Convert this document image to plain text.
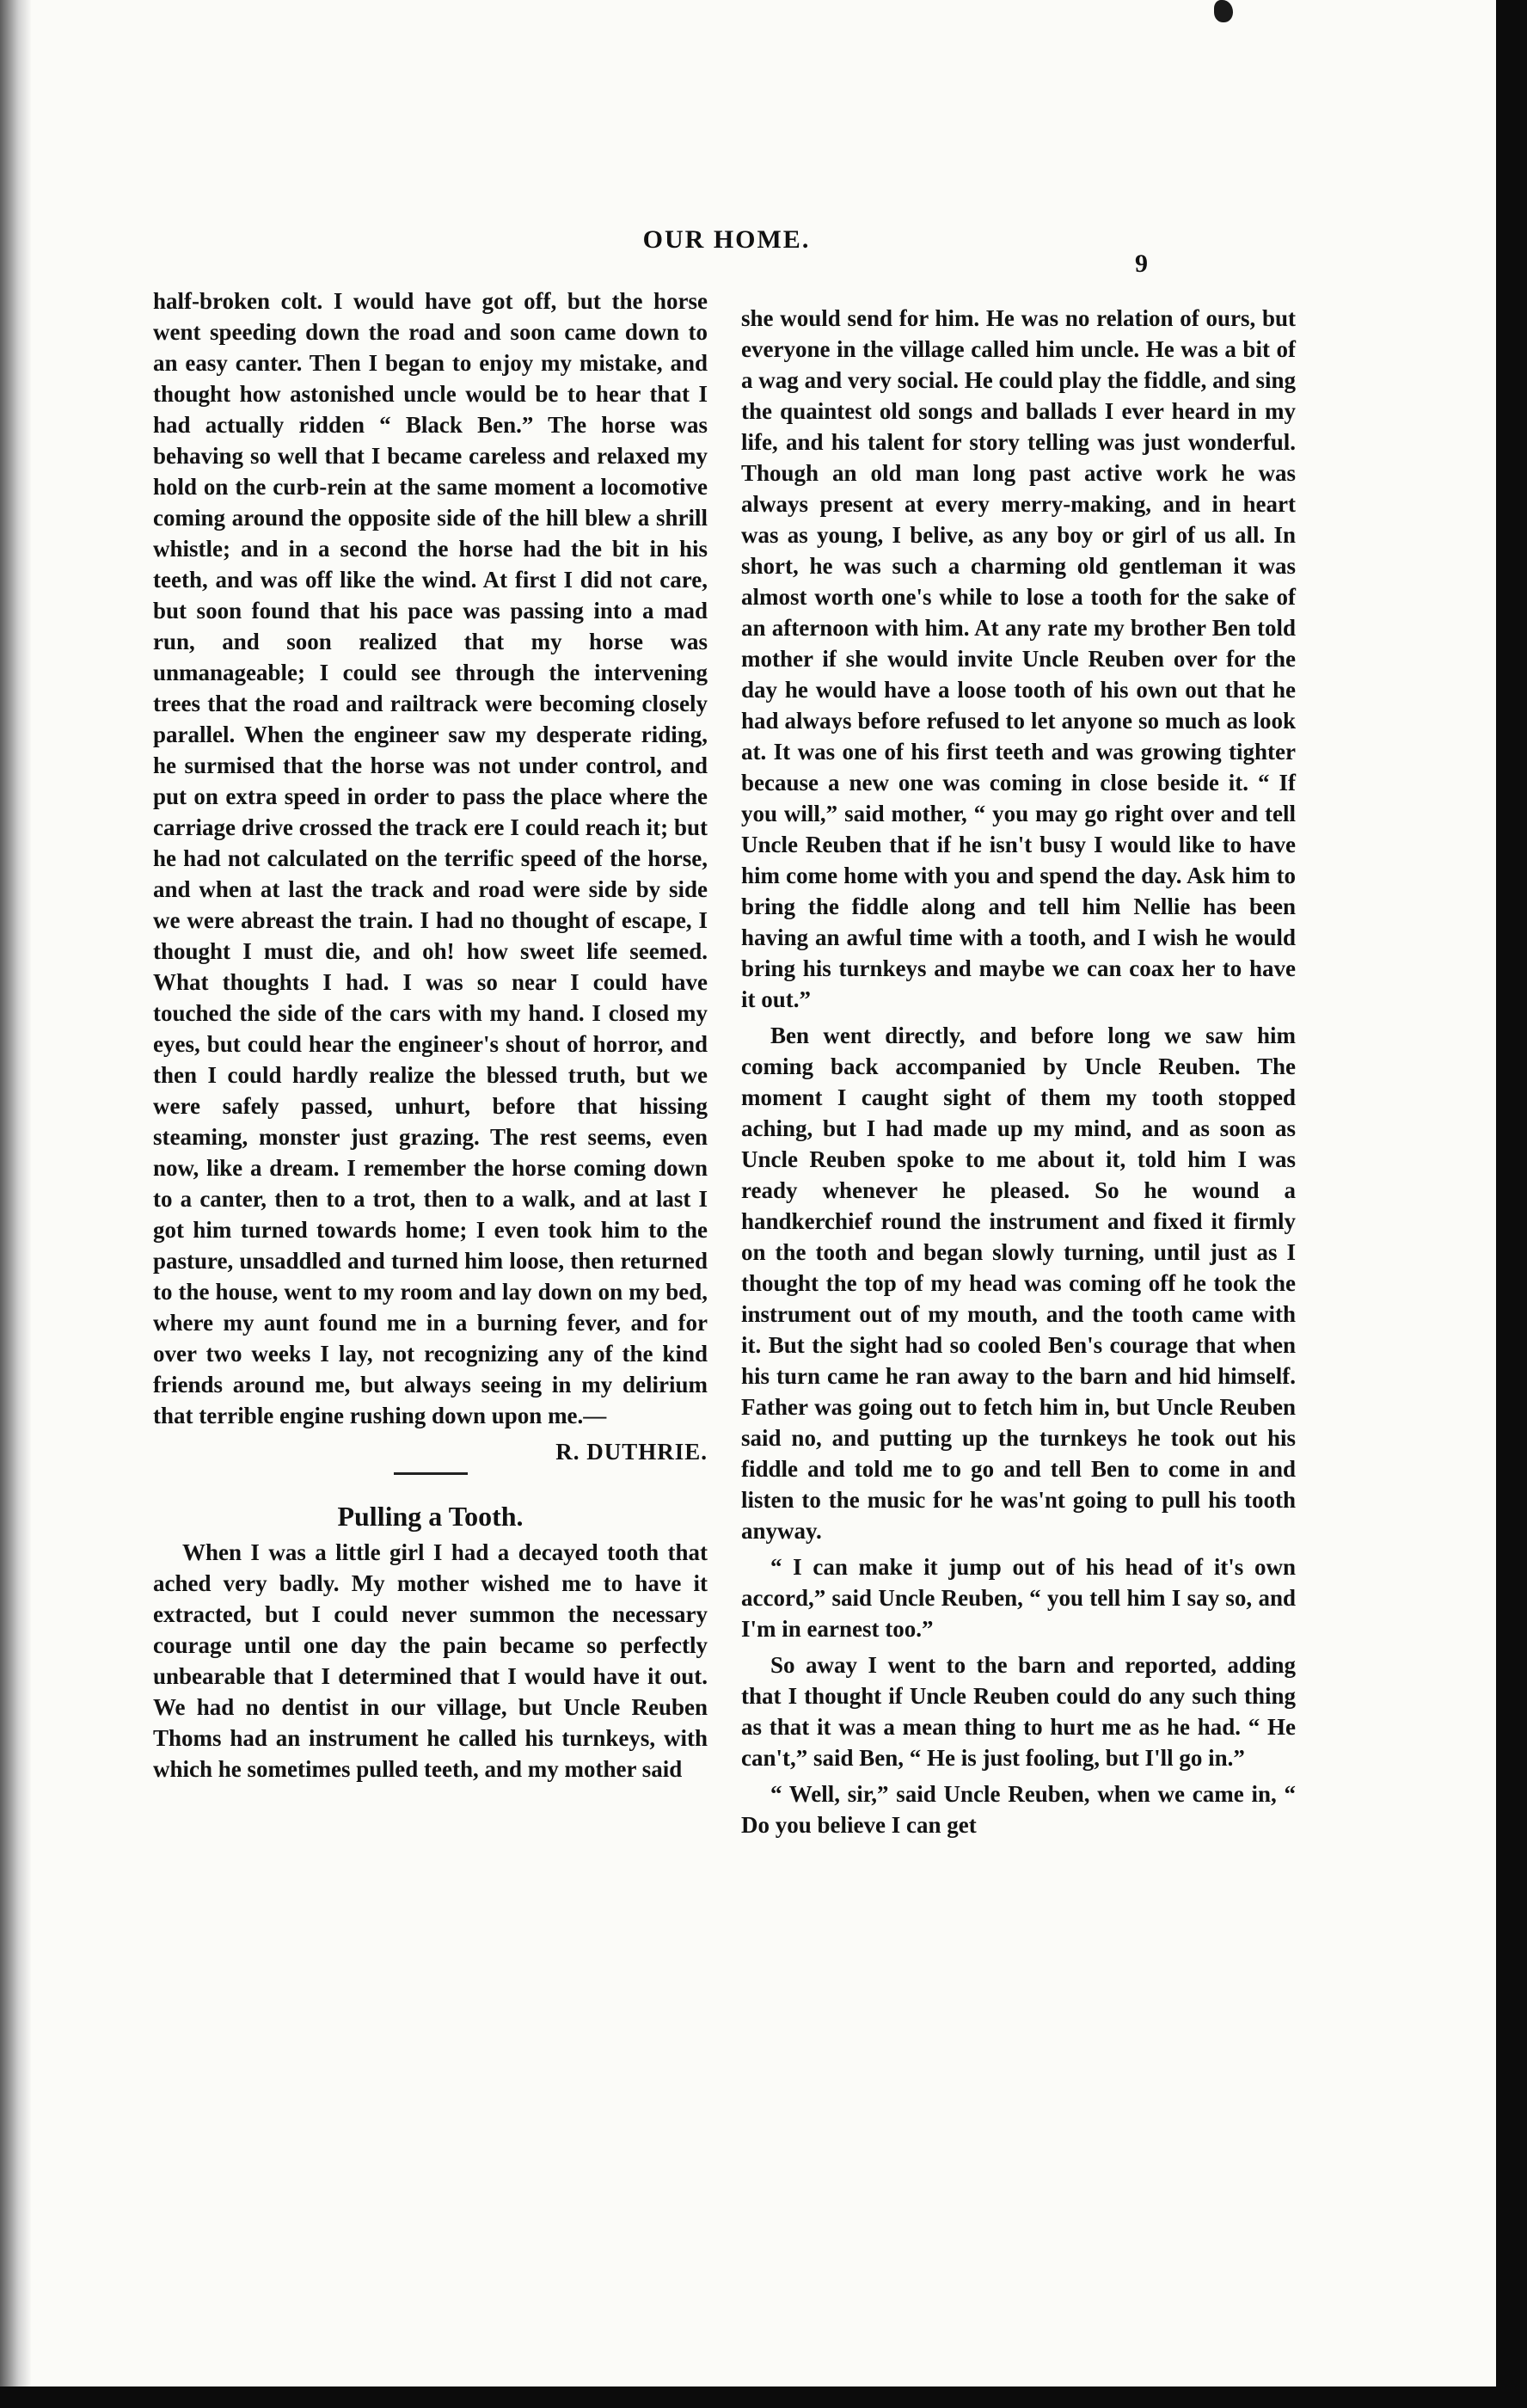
OUR HOME.
9

half-broken colt. I would have got off, but the horse went speeding down the road and soon came down to an easy canter. Then I began to enjoy my mistake, and thought how astonished uncle would be to hear that I had actually ridden “ Black Ben.” The horse was behaving so well that I became careless and relaxed my hold on the curb-rein at the same moment a locomotive coming around the opposite side of the hill blew a shrill whistle; and in a second the horse had the bit in his teeth, and was off like the wind. At first I did not care, but soon found that his pace was passing into a mad run, and soon realized that my horse was unmanageable; I could see through the intervening trees that the road and railtrack were becoming closely parallel. When the engineer saw my desperate riding, he surmised that the horse was not under control, and put on extra speed in order to pass the place where the carriage drive crossed the track ere I could reach it; but he had not calculated on the terrific speed of the horse, and when at last the track and road were side by side we were abreast the train. I had no thought of escape, I thought I must die, and oh! how sweet life seemed. What thoughts I had. I was so near I could have touched the side of the cars with my hand. I closed my eyes, but could hear the engineer's shout of horror, and then I could hardly realize the blessed truth, but we were safely passed, unhurt, before that hissing steaming, monster just grazing. The rest seems, even now, like a dream. I remember the horse coming down to a canter, then to a trot, then to a walk, and at last I got him turned towards home; I even took him to the pasture, unsaddled and turned him loose, then returned to the house, went to my room and lay down on my bed, where my aunt found me in a burning fever, and for over two weeks I lay, not recognizing any of the kind friends around me, but always seeing in my delirium that terrible engine rushing down upon me.—

R. DUTHRIE.

Pulling a Tooth.

When I was a little girl I had a decayed tooth that ached very badly. My mother wished me to have it extracted, but I could never summon the necessary courage until one day the pain became so perfectly unbearable that I determined that I would have it out. We had no dentist in our village, but Uncle Reuben Thoms had an instrument he called his turnkeys, with which he sometimes pulled teeth, and my mother said

she would send for him. He was no relation of ours, but everyone in the village called him uncle. He was a bit of a wag and very social. He could play the fiddle, and sing the quaintest old songs and ballads I ever heard in my life, and his talent for story telling was just wonderful. Though an old man long past active work he was always present at every merry-making, and in heart was as young, I belive, as any boy or girl of us all. In short, he was such a charming old gentleman it was almost worth one's while to lose a tooth for the sake of an afternoon with him. At any rate my brother Ben told mother if she would invite Uncle Reuben over for the day he would have a loose tooth of his own out that he had always before refused to let anyone so much as look at. It was one of his first teeth and was growing tighter because a new one was coming in close beside it. “ If you will,” said mother, “ you may go right over and tell Uncle Reuben that if he isn't busy I would like to have him come home with you and spend the day. Ask him to bring the fiddle along and tell him Nellie has been having an awful time with a tooth, and I wish he would bring his turnkeys and maybe we can coax her to have it out.”

Ben went directly, and before long we saw him coming back accompanied by Uncle Reuben. The moment I caught sight of them my tooth stopped aching, but I had made up my mind, and as soon as Uncle Reuben spoke to me about it, told him I was ready whenever he pleased. So he wound a handkerchief round the instrument and fixed it firmly on the tooth and began slowly turning, until just as I thought the top of my head was coming off he took the instrument out of my mouth, and the tooth came with it. But the sight had so cooled Ben's courage that when his turn came he ran away to the barn and hid himself. Father was going out to fetch him in, but Uncle Reuben said no, and putting up the turnkeys he took out his fiddle and told me to go and tell Ben to come in and listen to the music for he was'nt going to pull his tooth anyway.

“ I can make it jump out of his head of it's own accord,” said Uncle Reuben, “ you tell him I say so, and I'm in earnest too.”

So away I went to the barn and reported, adding that I thought if Uncle Reuben could do any such thing as that it was a mean thing to hurt me as he had. “ He can't,” said Ben, “ He is just fooling, but I'll go in.”

“ Well, sir,” said Uncle Reuben, when we came in, “ Do you believe I can get
